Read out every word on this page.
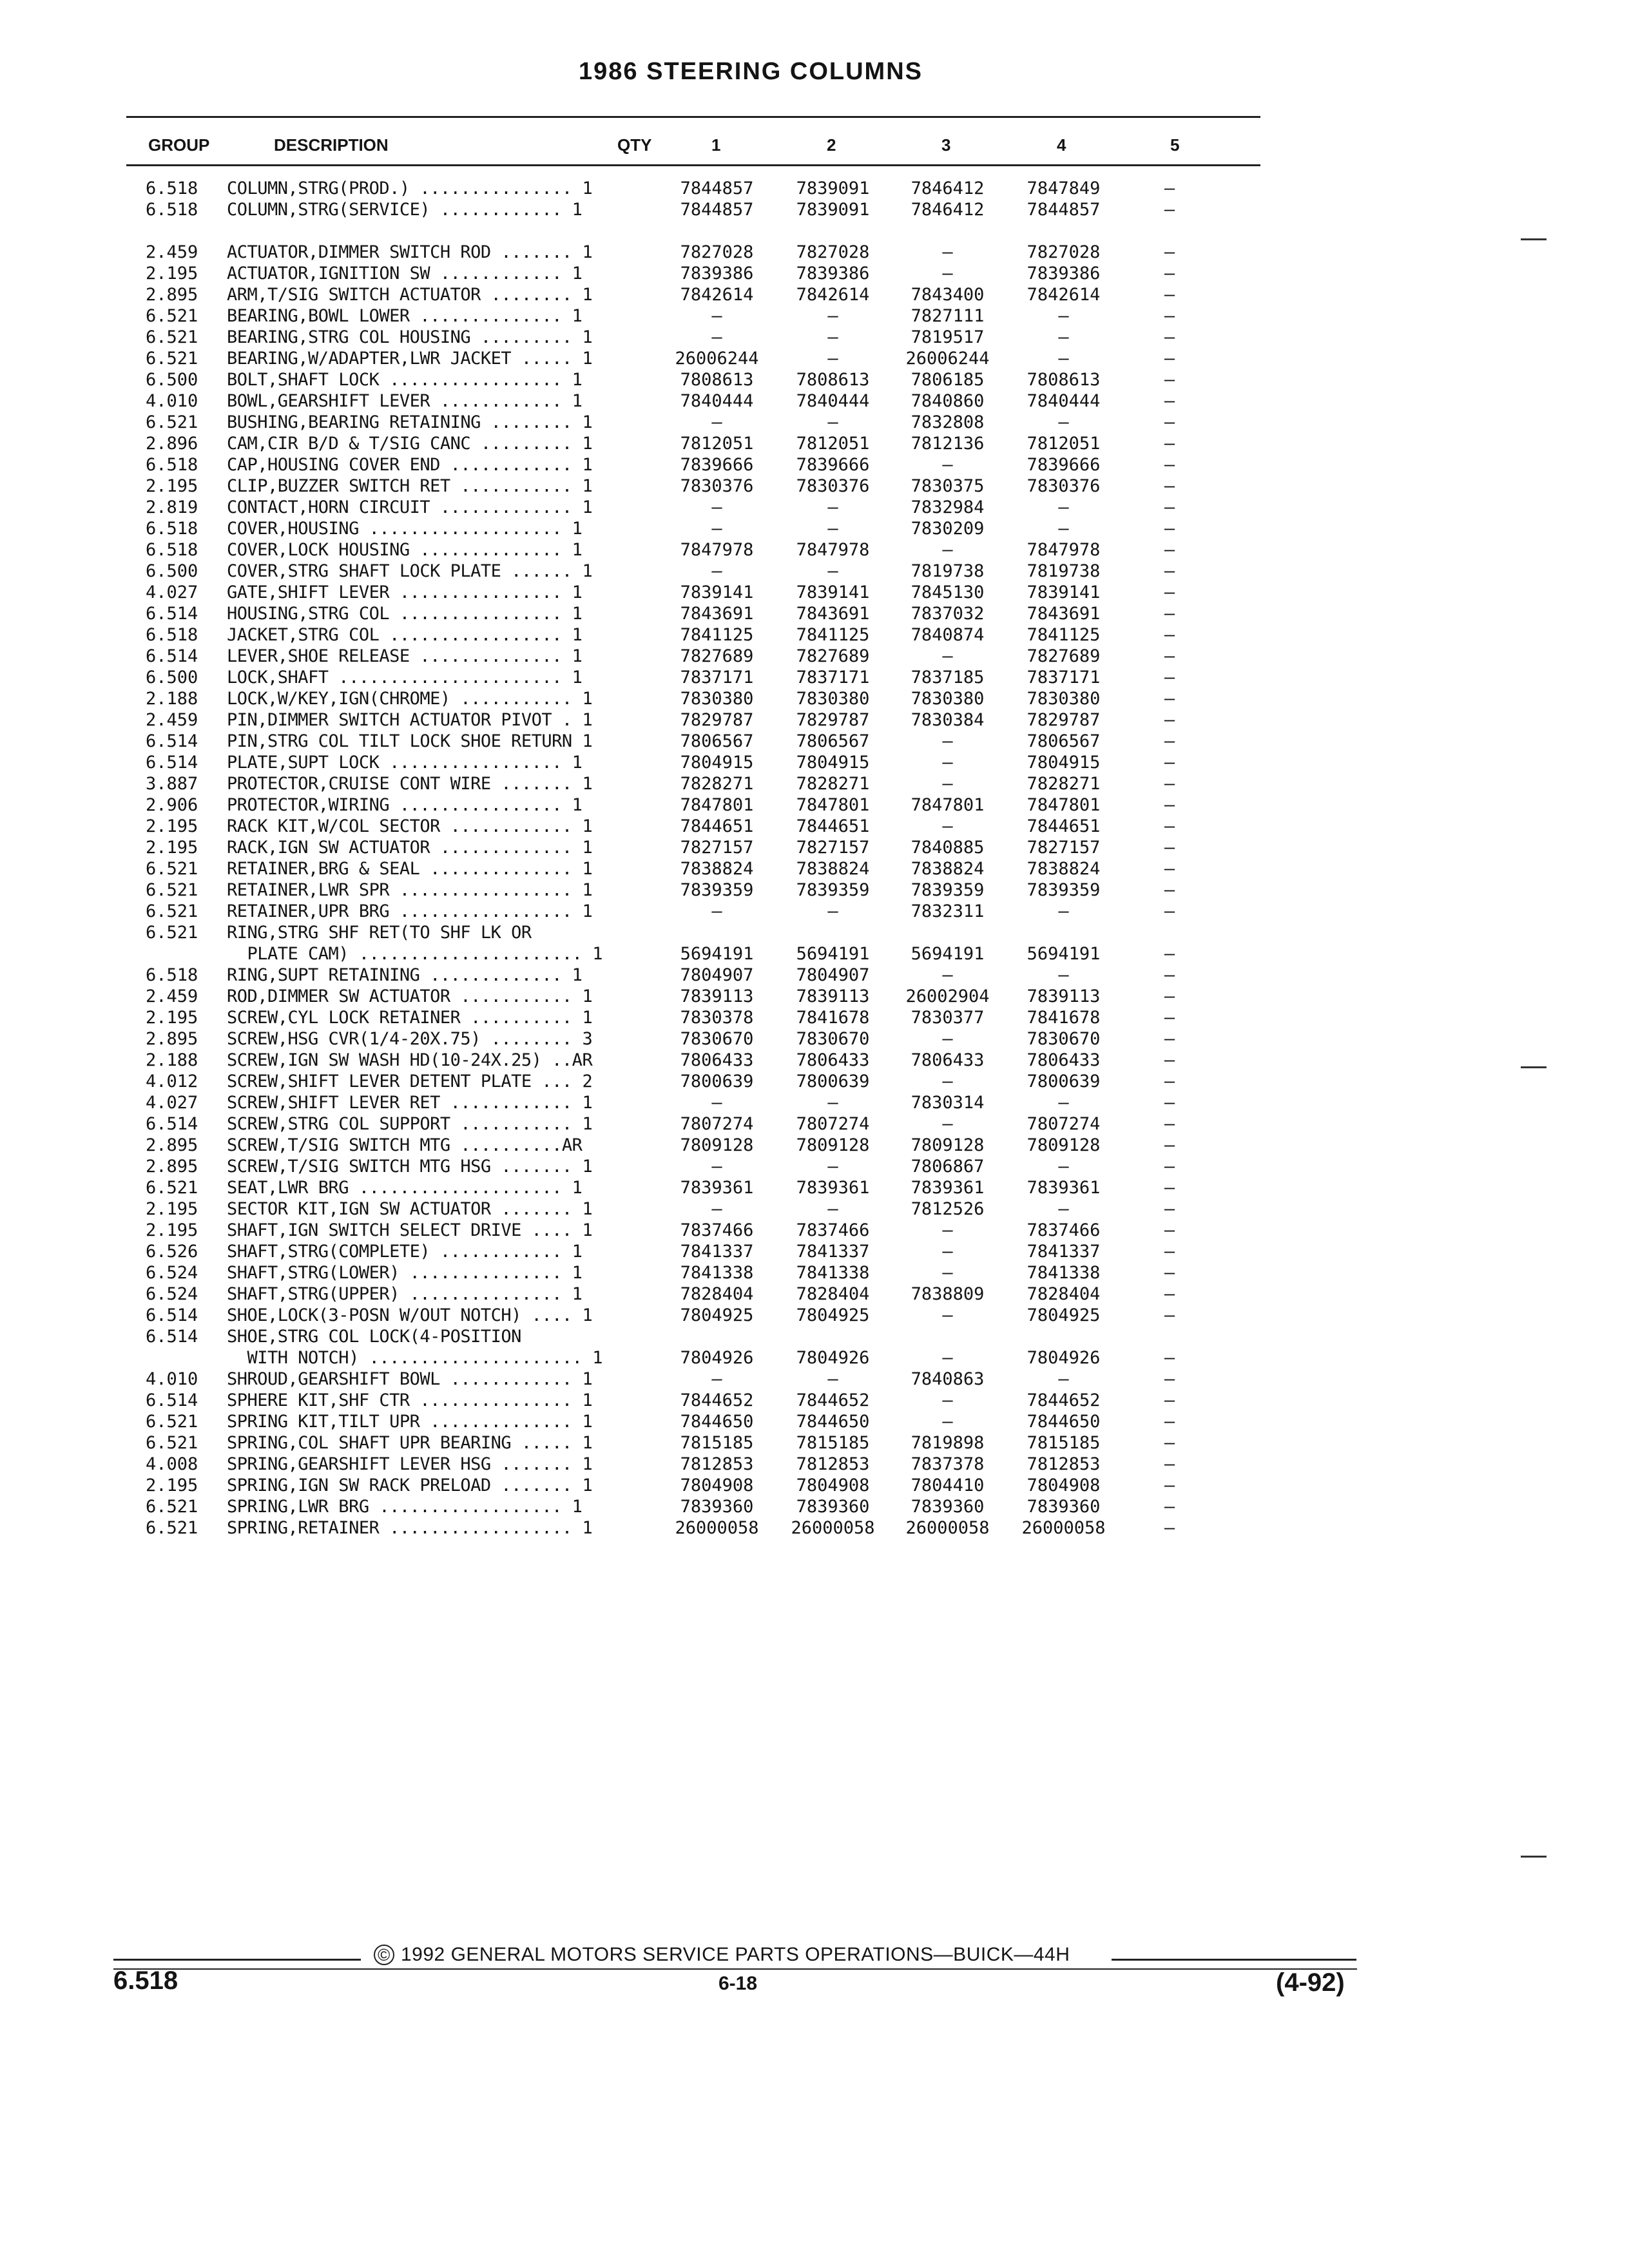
1986 STEERING COLUMNS
GROUP	DESCRIPTION	QTY	1	2	3	4	5
6.518 COLUMN,STRG(PROD.) ............... 1	7844857	7839091	7846412	7847849	—
6.518 COLUMN,STRG(SERVICE) ............ 1	7844857	7839091	7846412	7844857	—
2.459 ACTUATOR,DIMMER SWITCH ROD ....... 1	7827028	7827028	—	7827028	—
2.195 ACTUATOR,IGNITION SW ............ 1	7839386	7839386	—	7839386	—
2.895 ARM,T/SIG SWITCH ACTUATOR ........ 1	7842614	7842614	7843400	7842614	—
6.521 BEARING,BOWL LOWER .............. 1	—	—	7827111	—	—
6.521 BEARING,STRG COL HOUSING ......... 1	—	—	7819517	—	—
6.521 BEARING,W/ADAPTER,LWR JACKET ..... 1	26006244	—	26006244	—	—
6.500 BOLT,SHAFT LOCK ................. 1	7808613	7808613	7806185	7808613	—
4.010 BOWL,GEARSHIFT LEVER ............ 1	7840444	7840444	7840860	7840444	—
6.521 BUSHING,BEARING RETAINING ........ 1	—	—	7832808	—	—
2.896 CAM,CIR B/D & T/SIG CANC ......... 1	7812051	7812051	7812136	7812051	—
6.518 CAP,HOUSING COVER END ............ 1	7839666	7839666	—	7839666	—
2.195 CLIP,BUZZER SWITCH RET ........... 1	7830376	7830376	7830375	7830376	—
2.819 CONTACT,HORN CIRCUIT ............. 1	—	—	7832984	—	—
6.518 COVER,HOUSING ................... 1	—	—	7830209	—	—
6.518 COVER,LOCK HOUSING .............. 1	7847978	7847978	—	7847978	—
6.500 COVER,STRG SHAFT LOCK PLATE ...... 1	—	—	7819738	7819738	—
4.027 GATE,SHIFT LEVER ................ 1	7839141	7839141	7845130	7839141	—
6.514 HOUSING,STRG COL ................ 1	7843691	7843691	7837032	7843691	—
6.518 JACKET,STRG COL ................. 1	7841125	7841125	7840874	7841125	—
6.514 LEVER,SHOE RELEASE .............. 1	7827689	7827689	—	7827689	—
6.500 LOCK,SHAFT ...................... 1	7837171	7837171	7837185	7837171	—
2.188 LOCK,W/KEY,IGN(CHROME) ........... 1	7830380	7830380	7830380	7830380	—
2.459 PIN,DIMMER SWITCH ACTUATOR PIVOT . 1	7829787	7829787	7830384	7829787	—
6.514 PIN,STRG COL TILT LOCK SHOE RETURN 1	7806567	7806567	—	7806567	—
6.514 PLATE,SUPT LOCK ................. 1	7804915	7804915	—	7804915	—
3.887 PROTECTOR,CRUISE CONT WIRE ....... 1	7828271	7828271	—	7828271	—
2.906 PROTECTOR,WIRING ................ 1	7847801	7847801	7847801	7847801	—
2.195 RACK KIT,W/COL SECTOR ............ 1	7844651	7844651	—	7844651	—
2.195 RACK,IGN SW ACTUATOR ............. 1	7827157	7827157	7840885	7827157	—
6.521 RETAINER,BRG & SEAL .............. 1	7838824	7838824	7838824	7838824	—
6.521 RETAINER,LWR SPR ................. 1	7839359	7839359	7839359	7839359	—
6.521 RETAINER,UPR BRG ................. 1	—	—	7832311	—	—
6.521 RING,STRG SHF RET(TO SHF LK OR
PLATE CAM) ...................... 1	5694191	5694191	5694191	5694191	—
6.518 RING,SUPT RETAINING ............. 1	7804907	7804907	—	—	—
2.459 ROD,DIMMER SW ACTUATOR ........... 1	7839113	7839113	26002904	7839113	—
2.195 SCREW,CYL LOCK RETAINER .......... 1	7830378	7841678	7830377	7841678	—
2.895 SCREW,HSG CVR(1/4-20X.75) ........ 3	7830670	7830670	—	7830670	—
2.188 SCREW,IGN SW WASH HD(10-24X.25) ..AR	7806433	7806433	7806433	7806433	—
4.012 SCREW,SHIFT LEVER DETENT PLATE ... 2	7800639	7800639	—	7800639	—
4.027 SCREW,SHIFT LEVER RET ............ 1	—	—	7830314	—	—
6.514 SCREW,STRG COL SUPPORT ........... 1	7807274	7807274	—	7807274	—
2.895 SCREW,T/SIG SWITCH MTG ..........AR	7809128	7809128	7809128	7809128	—
2.895 SCREW,T/SIG SWITCH MTG HSG ....... 1	—	—	7806867	—	—
6.521 SEAT,LWR BRG .................... 1	7839361	7839361	7839361	7839361	—
2.195 SECTOR KIT,IGN SW ACTUATOR ....... 1	—	—	7812526	—	—
2.195 SHAFT,IGN SWITCH SELECT DRIVE .... 1	7837466	7837466	—	7837466	—
6.526 SHAFT,STRG(COMPLETE) ............ 1	7841337	7841337	—	7841337	—
6.524 SHAFT,STRG(LOWER) ............... 1	7841338	7841338	—	7841338	—
6.524 SHAFT,STRG(UPPER) ............... 1	7828404	7828404	7838809	7828404	—
6.514 SHOE,LOCK(3-POSN W/OUT NOTCH) .... 1	7804925	7804925	—	7804925	—
6.514 SHOE,STRG COL LOCK(4-POSITION
WITH NOTCH) ..................... 1	7804926	7804926	—	7804926	—
4.010 SHROUD,GEARSHIFT BOWL ............ 1	—	—	7840863	—	—
6.514 SPHERE KIT,SHF CTR ............... 1	7844652	7844652	—	7844652	—
6.521 SPRING KIT,TILT UPR .............. 1	7844650	7844650	—	7844650	—
6.521 SPRING,COL SHAFT UPR BEARING ..... 1	7815185	7815185	7819898	7815185	—
4.008 SPRING,GEARSHIFT LEVER HSG ....... 1	7812853	7812853	7837378	7812853	—
2.195 SPRING,IGN SW RACK PRELOAD ....... 1	7804908	7804908	7804410	7804908	—
6.521 SPRING,LWR BRG .................. 1	7839360	7839360	7839360	7839360	—
6.521 SPRING,RETAINER .................. 1	26000058 26000058 26000058 26000058	—
© 1992 GENERAL MOTORS SERVICE PARTS OPERATIONS—BUICK—44H
6.518	6-18	(4-92)
